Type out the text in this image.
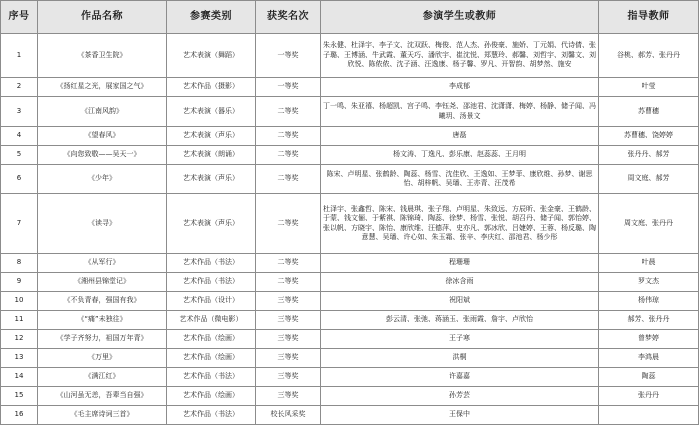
序号	作品名称	参赛类别	获奖名次	参演学生或教师	指导教师
1	《茶香卫生院》	艺术表演（舞蹈）	一等奖	朱永健、杜泽宇、李子文、沈双跃、梅俊、范人杰、孙俊豪、施娇、丁元娟、代诗倩、张子璐、王博涵、牛武霞、董天巧、潘欣宇、崔沈悦、郑慧玲、郝馨、刘哲宇、刘馨文、刘欣悦、陈侬侬、沈子涵、汪逸康、杨子馨、罗凡、开智韵、胡梦然、施安	谷桃、郝芳、张丹丹
2	《扬红星之光，展家国之气》	艺术作品（摄影）	一等奖	李成郁	叶莹
3	《江南风韵》	艺术表演（器乐）	二等奖	丁一鸣、朱亚禧、杨超凯、宫子鸣、李钰尧、邵池君、沈潇潇、梅婷、杨静、储子闻、冯曦玥、汤景文	苏曹穗
4	《望春风》	艺术表演（声乐）	二等奖	唐磊	苏曹穗、饶婷婷
5	《向您致敬——吴天一》	艺术表演（朗诵）	二等奖	杨文涛、丁逸凡、彭乐康、赵蕊蕊、王月明	张丹丹、郝芳
6	《少年》	艺术表演（声乐）	二等奖	陈宋、卢明星、张鹤龄、陶蕊、杨雪、沈佳欣、王逸如、王梦菲、康欣维、孙梦、谢思怡、胡梓帆、吴璠、王亦青、汪茂希	周文庭、郝芳
7	《读寻》	艺术表演（声乐）	二等奖	杜泽宇、张鑫哲、陈宋、钱晨琪、张子翔、卢明星、朱致远、方辰昕、张金豪、王鹤龄、于蒙、钱文俪、于紫祺、陈锦琦、陶蕊、徐梦、杨雪、张悦、胡召丹、储子闻、郭怡婷、张以帆、方晓宇、陈怡、康欣维、汪德萍、史亦凡、郭冰欣、吕婕婷、王蓉、杨反璐、陶意慧、吴璠、许心如、朱玉霜、张辛、李庆红、邵池君、杨少彤	周文庭、张丹丹
8	《从军行》	艺术作品（书法）	二等奖	程珊珊	叶晨
9	《湘州县锦堂记》	艺术作品（书法）	二等奖	徐冰含雨	罗文杰
10	《不负青春，强国有我》	艺术作品（设计）	三等奖	祝阳斌	杨伟琼
11	《“痛”未独往》	艺术作品（微电影）	三等奖	彭云清、张弛、蒋涵玉、张雨霞、詹宇、卢欣怡	郝芳、张丹丹
12	《学子齐努力，祖国万年青》	艺术作品（绘画）	三等奖	王子寒	曾梦婷
13	《万里》	艺术作品（绘画）	三等奖	洪桐	李鸿晨
14	《满江红》	艺术作品（书法）	三等奖	许嘉嘉	陶蕊
15	《山河虽无恙，吾辈当自强》	艺术作品（绘画）	三等奖	孙芳芸	张丹丹
16	《毛主席诗词三首》	艺术作品（书法）	校长风采奖	王保中	
